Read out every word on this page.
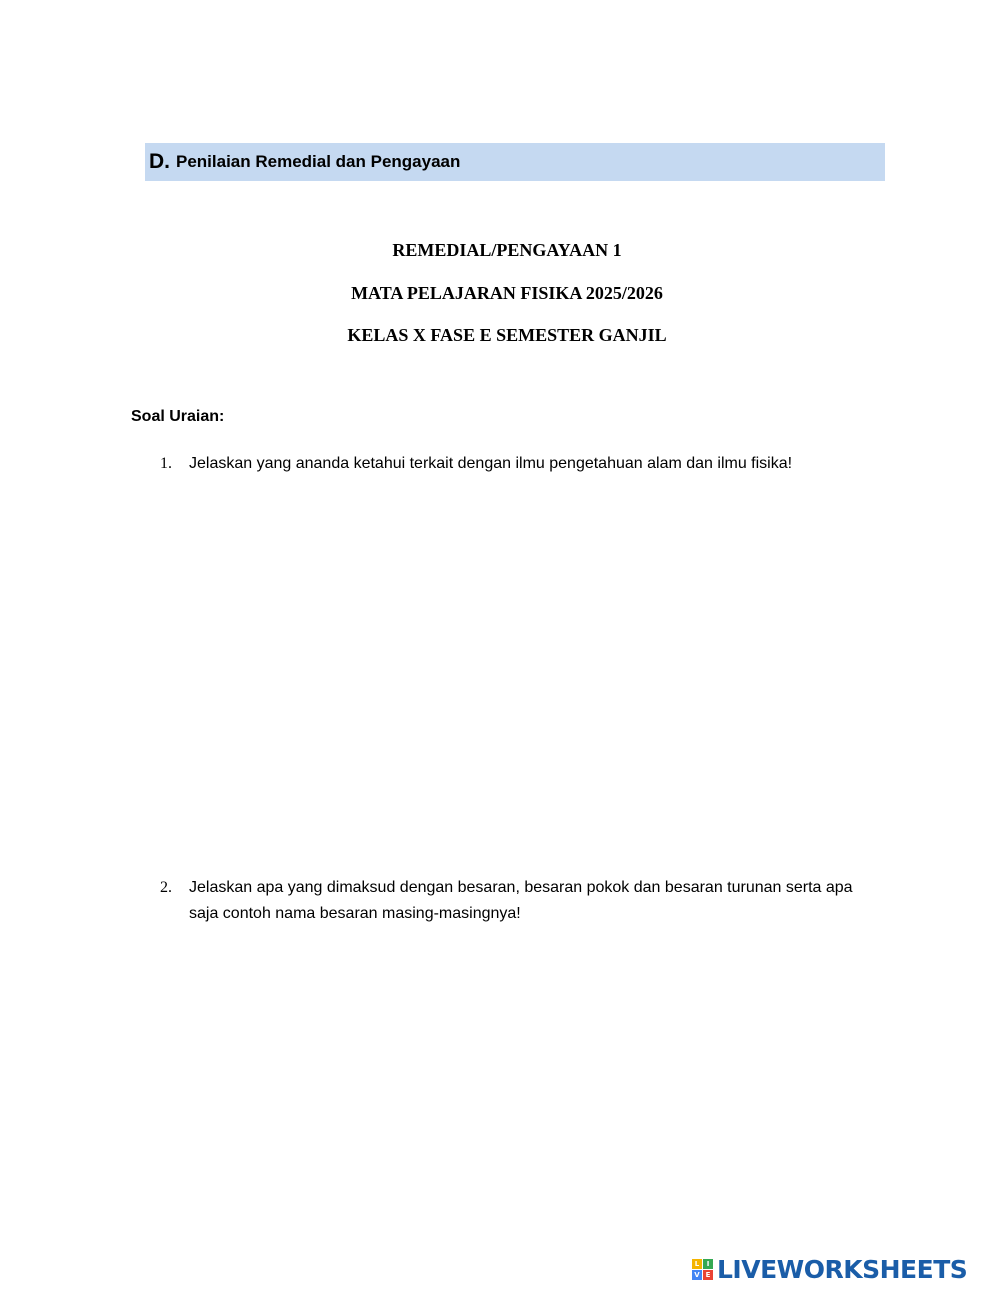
D. Penilaian Remedial dan Pengayaan
REMEDIAL/PENGAYAAN 1
MATA PELAJARAN FISIKA 2025/2026
KELAS X FASE E SEMESTER GANJIL
Soal Uraian:
1.	Jelaskan yang ananda ketahui terkait dengan ilmu pengetahuan alam dan ilmu fisika!
2.	Jelaskan apa yang dimaksud dengan besaran, besaran pokok dan besaran turunan serta apa saja contoh nama besaran masing-masingnya!
L	I
V E LIVEWORKSHEETS
